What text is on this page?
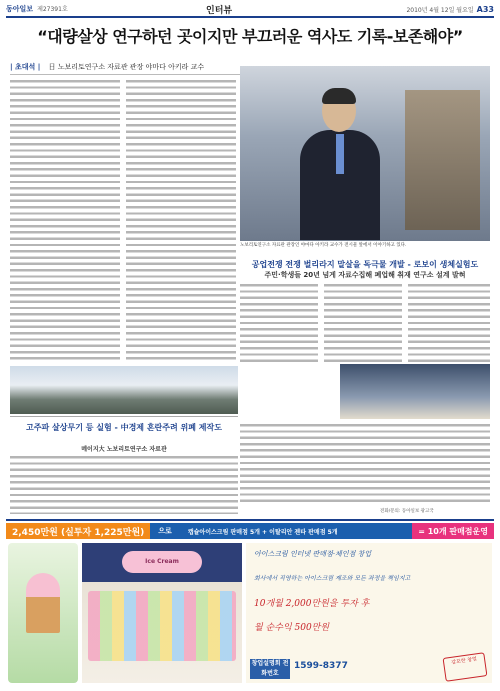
동아일보 제27391호	인터뷰	2010년 4월 12일 월요일 A33
“대량살상 연구하던 곳이지만 부끄러운 역사도 기록-보존해야”
| 초대석 | 日 노보리토연구소 자료관 관장 야마다 아키라 교수
노보리토연구소 자료관 관장인 야마다 아키라 교수가 전시물 앞에서 이야기하고 있다.
공업전쟁 전쟁 벌리라지 말살을 독극물 개발 - 로보이 생체실험도
주민·학생들 20년 넘게 자료수집해 폐업해 취재 연구소 설계 발혀
고주파 살상무기 등 실험 - 中경제 혼란주려 위폐 제작도
메이지大 노보리토연구소 자료관
전화/문의: 동아일보 광고국
2,450만원 (실투자 1,225만원)	으로	캡슐아이스크림 판매점 5개 + 이탈리안 젠타 판매점 5개	= 10개 판매점운영
Ice Cream
아이스크림 인터넷 판매점·체인점 창업
회사에서 직영하는 아이스크림 제조와 모든 과정을 책임지고
10개월 2,000만원을 투자 후
월 순수익 500만원
창업설명회 전화번호
1599-8377	감포한 창업
